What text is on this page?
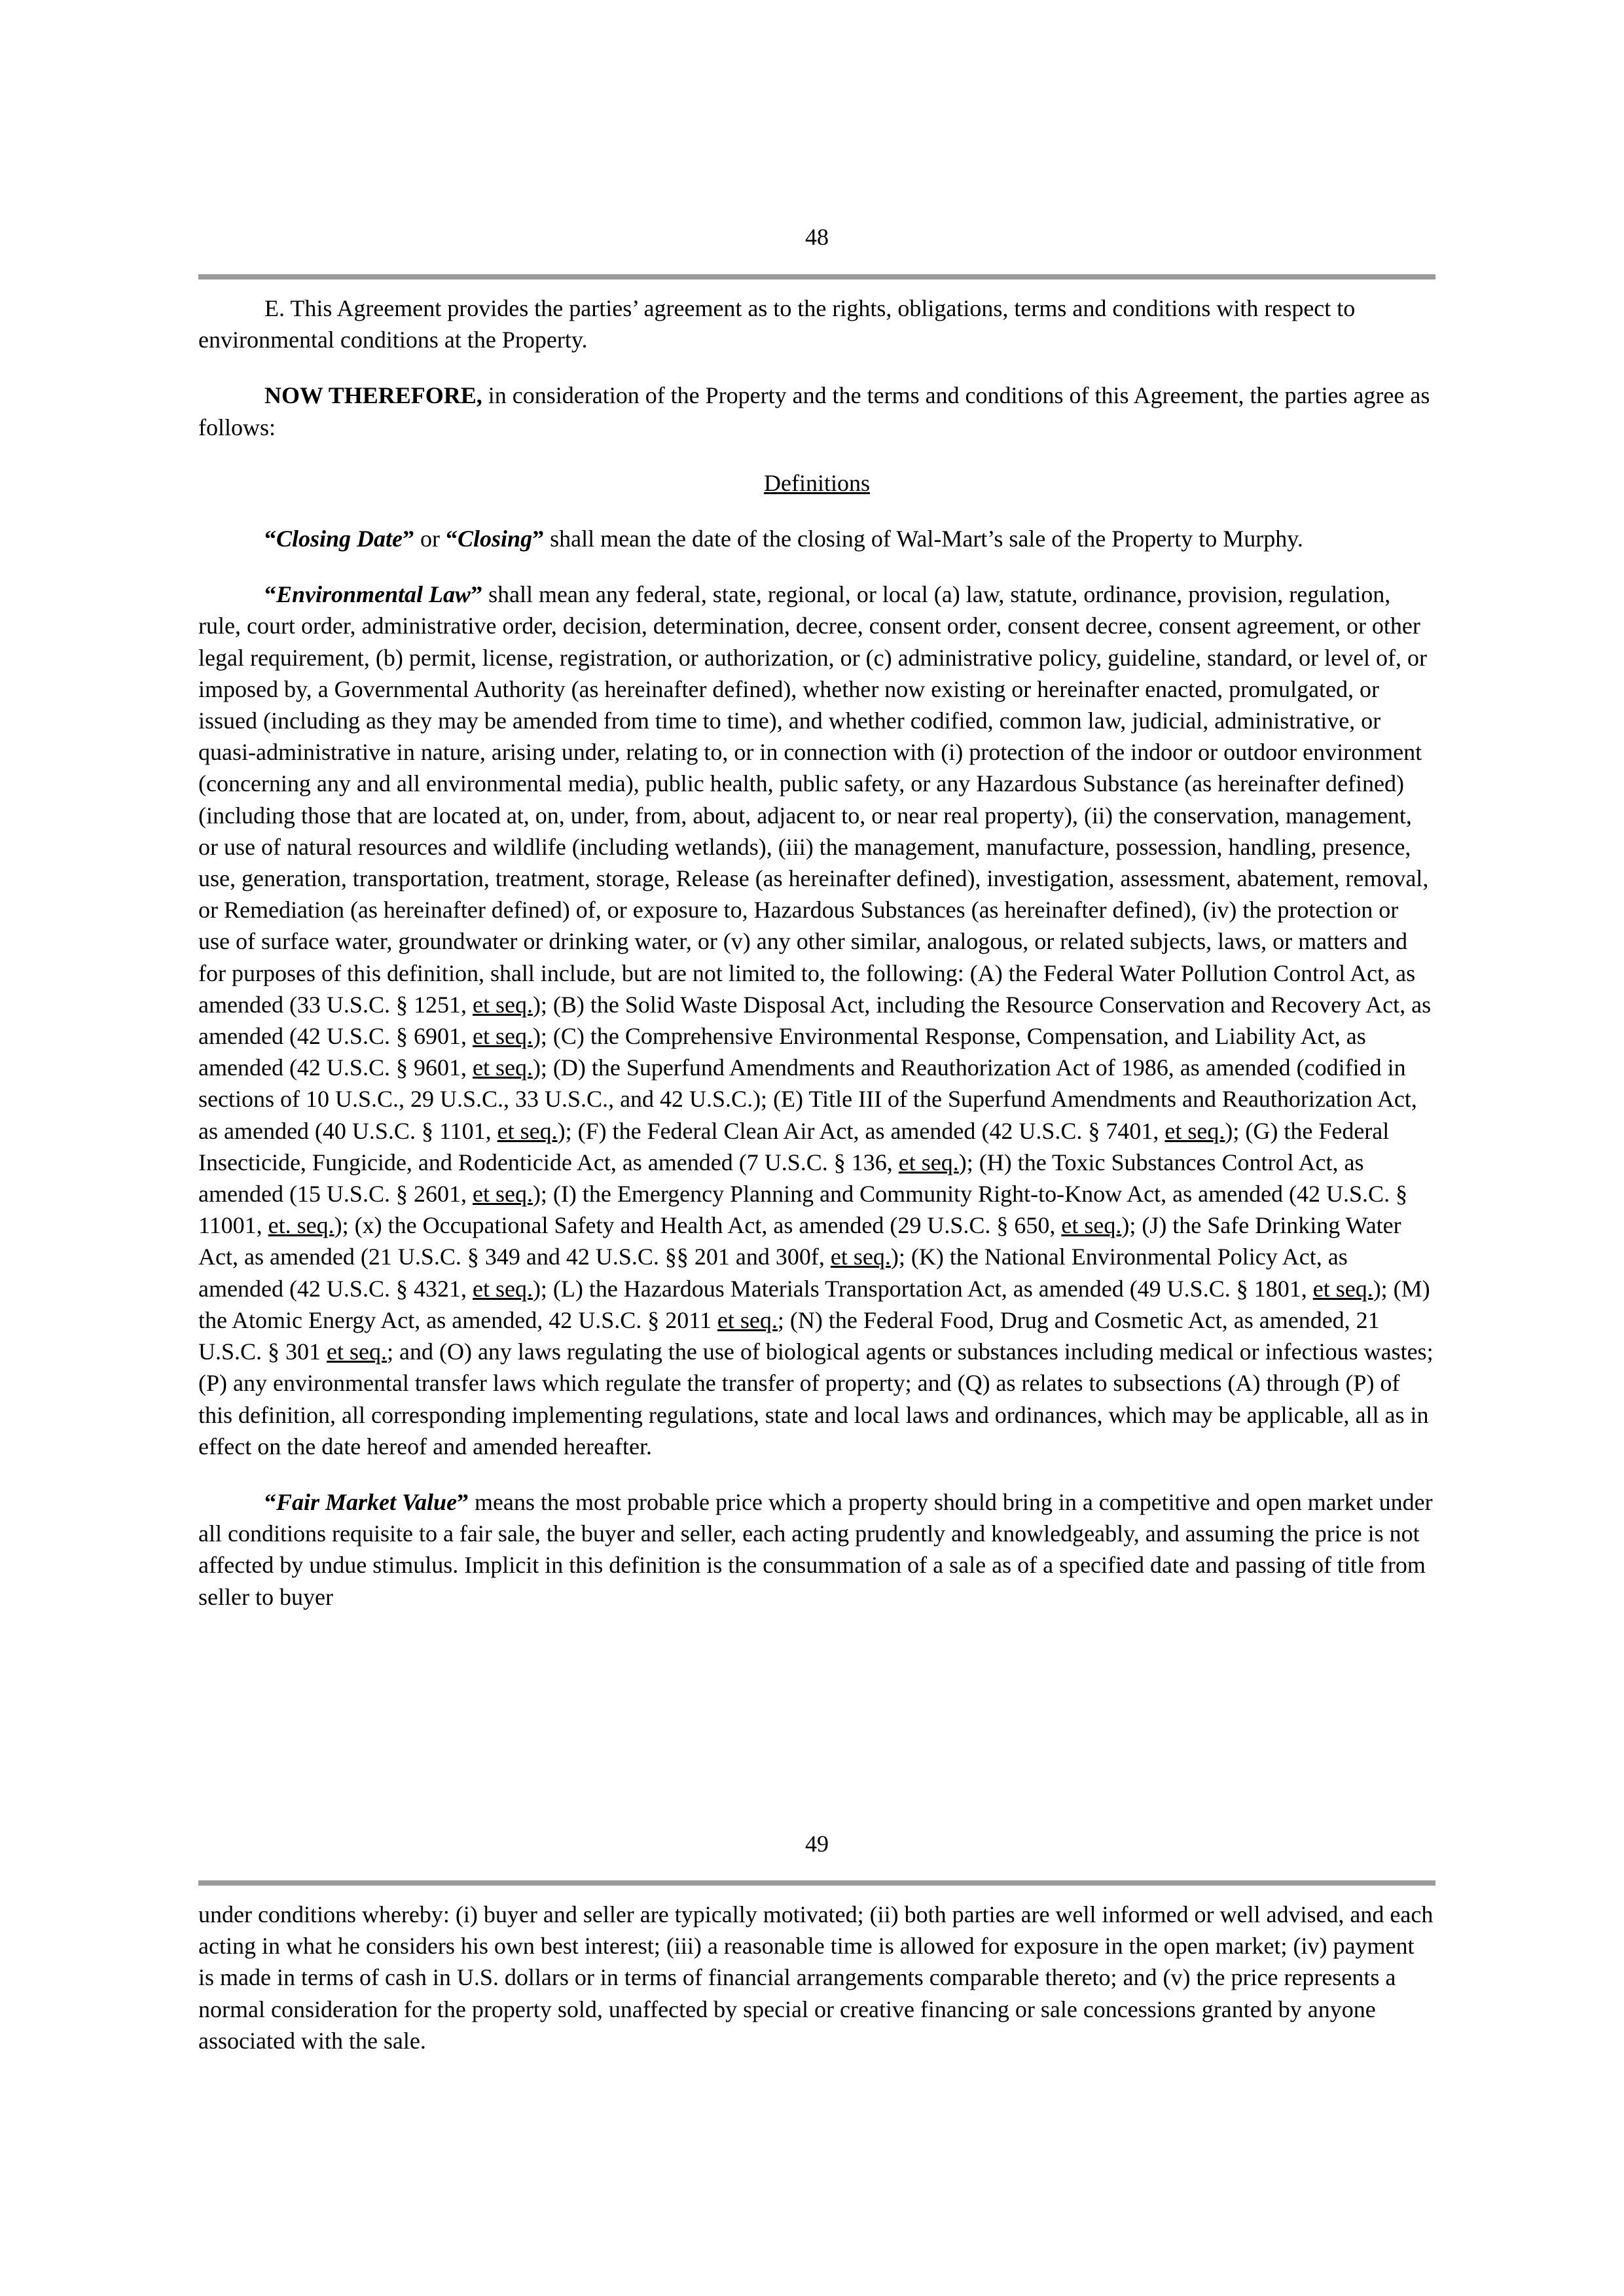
48

E. This Agreement provides the parties’ agreement as to the rights, obligations, terms and conditions with respect to environmental conditions at the Property.

NOW THEREFORE, in consideration of the Property and the terms and conditions of this Agreement, the parties agree as follows:

Definitions

“Closing Date” or “Closing” shall mean the date of the closing of Wal-Mart’s sale of the Property to Murphy.

“Environmental Law” shall mean any federal, state, regional, or local (a) law, statute, ordinance, provision, regulation, rule, court order, administrative order, decision, determination, decree, consent order, consent decree, consent agreement, or other legal requirement, (b) permit, license, registration, or authorization, or (c) administrative policy, guideline, standard, or level of, or imposed by, a Governmental Authority (as hereinafter defined), whether now existing or hereinafter enacted, promulgated, or issued (including as they may be amended from time to time), and whether codified, common law, judicial, administrative, or quasi-administrative in nature, arising under, relating to, or in connection with (i) protection of the indoor or outdoor environment (concerning any and all environmental media), public health, public safety, or any Hazardous Substance (as hereinafter defined) (including those that are located at, on, under, from, about, adjacent to, or near real property), (ii) the conservation, management, or use of natural resources and wildlife (including wetlands), (iii) the management, manufacture, possession, handling, presence, use, generation, transportation, treatment, storage, Release (as hereinafter defined), investigation, assessment, abatement, removal, or Remediation (as hereinafter defined) of, or exposure to, Hazardous Substances (as hereinafter defined), (iv) the protection or use of surface water, groundwater or drinking water, or (v) any other similar, analogous, or related subjects, laws, or matters and for purposes of this definition, shall include, but are not limited to, the following: (A) the Federal Water Pollution Control Act, as amended (33 U.S.C. § 1251, et seq.); (B) the Solid Waste Disposal Act, including the Resource Conservation and Recovery Act, as amended (42 U.S.C. § 6901, et seq.); (C) the Comprehensive Environmental Response, Compensation, and Liability Act, as amended (42 U.S.C. § 9601, et seq.); (D) the Superfund Amendments and Reauthorization Act of 1986, as amended (codified in sections of 10 U.S.C., 29 U.S.C., 33 U.S.C., and 42 U.S.C.); (E) Title III of the Superfund Amendments and Reauthorization Act, as amended (40 U.S.C. § 1101, et seq.); (F) the Federal Clean Air Act, as amended (42 U.S.C. § 7401, et seq.); (G) the Federal Insecticide, Fungicide, and Rodenticide Act, as amended (7 U.S.C. § 136, et seq.); (H) the Toxic Substances Control Act, as amended (15 U.S.C. § 2601, et seq.); (I) the Emergency Planning and Community Right-to-Know Act, as amended (42 U.S.C. § 11001, et. seq.); (x) the Occupational Safety and Health Act, as amended (29 U.S.C. § 650, et seq.); (J) the Safe Drinking Water Act, as amended (21 U.S.C. § 349 and 42 U.S.C. §§ 201 and 300f, et seq.); (K) the National Environmental Policy Act, as amended (42 U.S.C. § 4321, et seq.); (L) the Hazardous Materials Transportation Act, as amended (49 U.S.C. § 1801, et seq.); (M) the Atomic Energy Act, as amended, 42 U.S.C. § 2011 et seq.; (N) the Federal Food, Drug and Cosmetic Act, as amended, 21 U.S.C. § 301 et seq.; and (O) any laws regulating the use of biological agents or substances including medical or infectious wastes; (P) any environmental transfer laws which regulate the transfer of property; and (Q) as relates to subsections (A) through (P) of this definition, all corresponding implementing regulations, state and local laws and ordinances, which may be applicable, all as in effect on the date hereof and amended hereafter.

“Fair Market Value” means the most probable price which a property should bring in a competitive and open market under all conditions requisite to a fair sale, the buyer and seller, each acting prudently and knowledgeably, and assuming the price is not affected by undue stimulus. Implicit in this definition is the consummation of a sale as of a specified date and passing of title from seller to buyer

49

under conditions whereby: (i) buyer and seller are typically motivated; (ii) both parties are well informed or well advised, and each acting in what he considers his own best interest; (iii) a reasonable time is allowed for exposure in the open market; (iv) payment is made in terms of cash in U.S. dollars or in terms of financial arrangements comparable thereto; and (v) the price represents a normal consideration for the property sold, unaffected by special or creative financing or sale concessions granted by anyone associated with the sale.
